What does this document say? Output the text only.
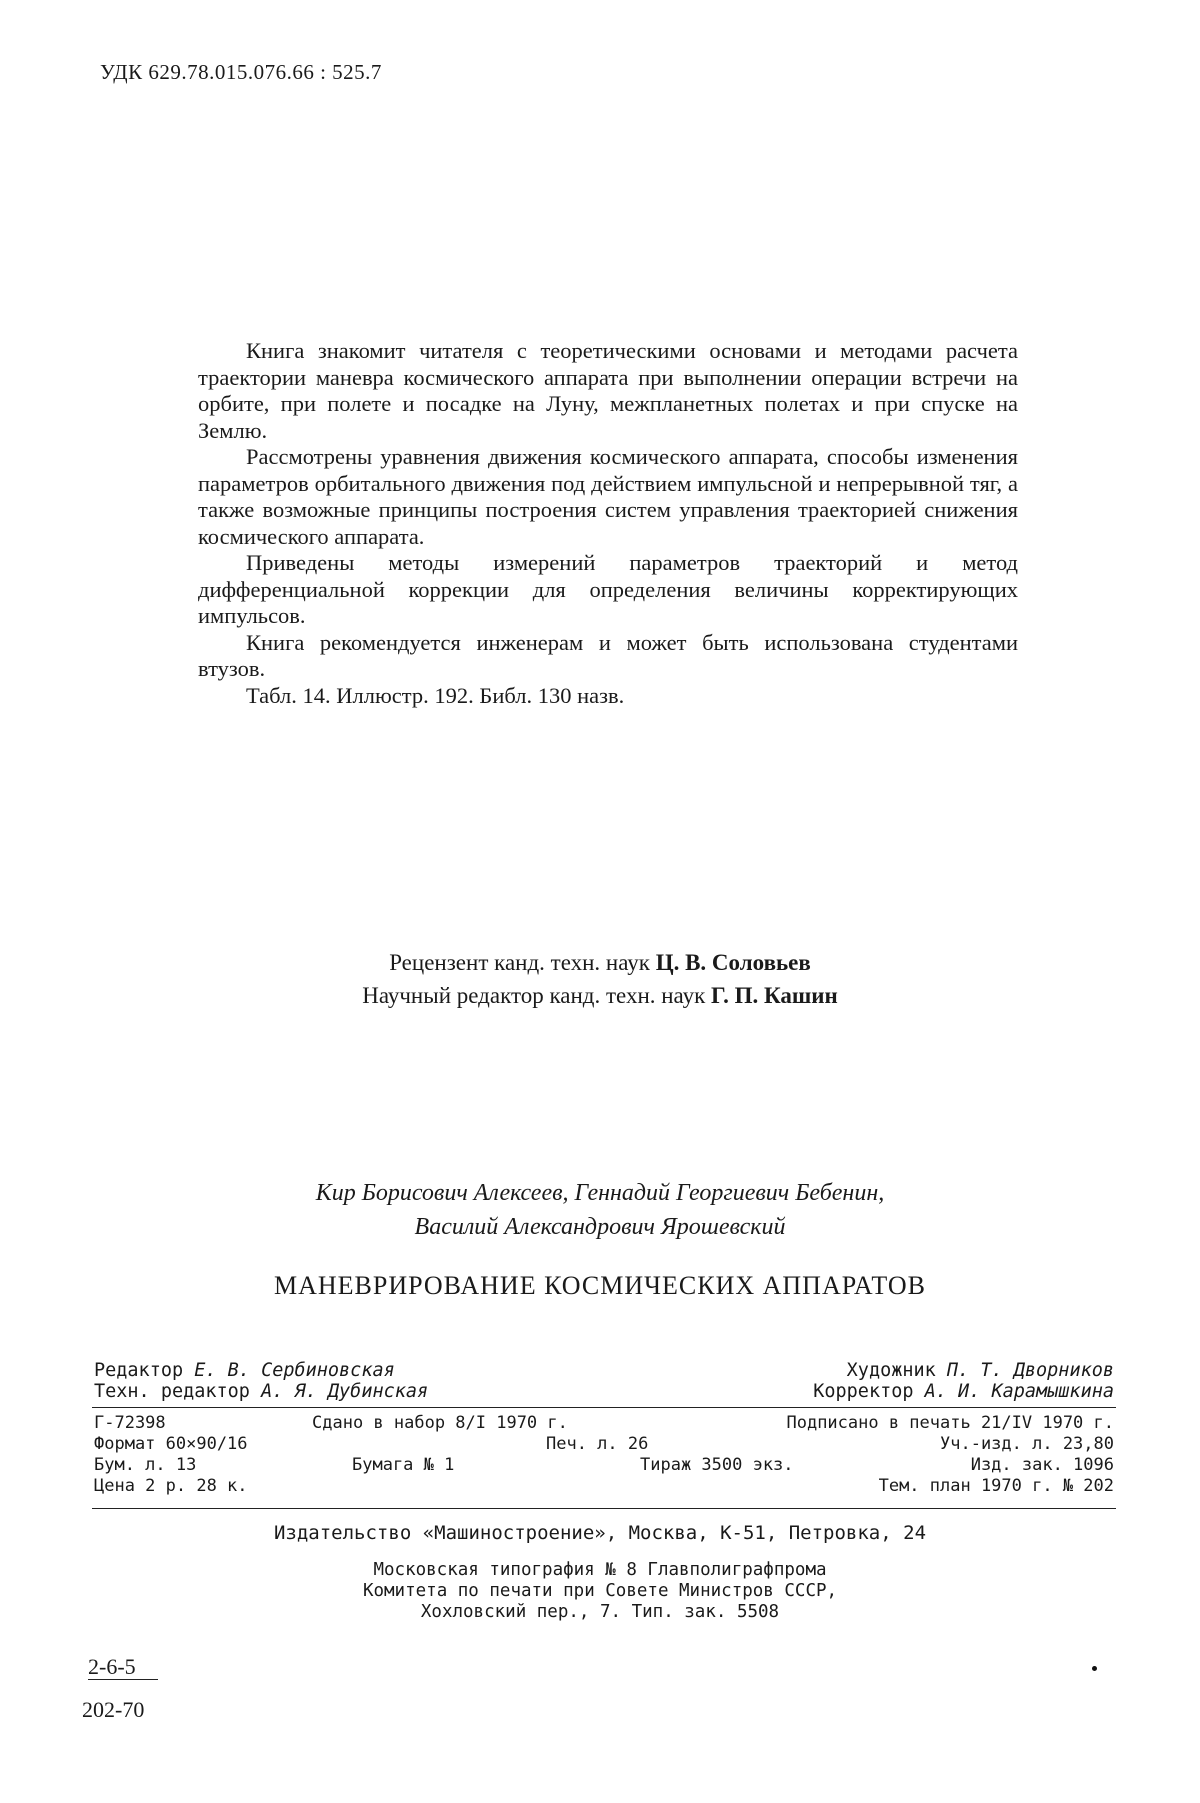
УДК 629.78.015.076.66 : 525.7

Книга знакомит читателя с теоретическими основами и методами расчета траектории маневра космического аппарата при выполнении операции встречи на орбите, при полете и посадке на Луну, межпланетных полетах и при спуске на Землю.

Рассмотрены уравнения движения космического аппарата, способы изменения параметров орбитального движения под действием импульсной и непрерывной тяг, а также возможные принципы построения систем управления траекторией снижения космического аппарата.

Приведены методы измерений параметров траекторий и метод дифференциальной коррекции для определения величины корректирующих импульсов.

Книга рекомендуется инженерам и может быть использована студентами втузов.

Табл. 14. Иллюстр. 192. Библ. 130 назв.

Рецензент канд. техн. наук Ц. В. Соловьев
Научный редактор канд. техн. наук Г. П. Кашин
Кир Борисович Алексеев, Геннадий Георгиевич Бебенин,
Василий Александрович Ярошевский
МАНЕВРИРОВАНИЕ КОСМИЧЕСКИХ АППАРАТОВ
Редактор Е. В. Сербиновская	Художник П. Т. Дворников
Техн. редактор А. Я. Дубинская	Корректор А. И. Карамышкина
Г-72398	Сдано в набор 8/I 1970 г.	Подписано в печать 21/IV 1970 г.
Формат 60×90/16	Печ. л. 26	Уч.-изд. л. 23,80
Бум. л. 13	Бумага № 1	Тираж 3500 экз.	Изд. зак. 1096
Цена 2 р. 28 к.	Тем. план 1970 г. № 202
Издательство «Машиностроение», Москва, К-51, Петровка, 24
Московская типография № 8 Главполиграфпрома
Комитета по печати при Совете Министров СССР,
Хохловский пер., 7. Тип. зак. 5508
2-6-5
202-70
